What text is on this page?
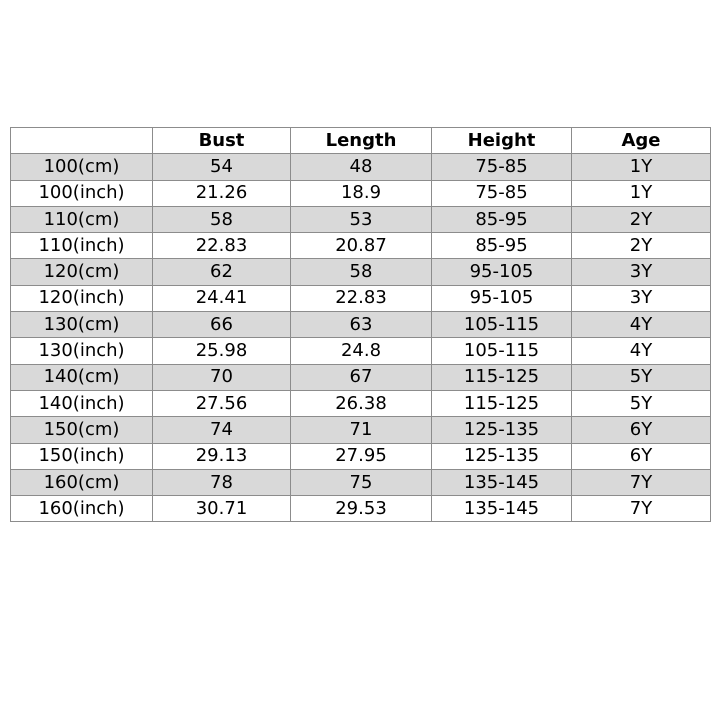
	Bust	Length	Height	Age
100(cm)	54	48	75-85	1Y
100(inch)	21.26	18.9	75-85	1Y
110(cm)	58	53	85-95	2Y
110(inch)	22.83	20.87	85-95	2Y
120(cm)	62	58	95-105	3Y
120(inch)	24.41	22.83	95-105	3Y
130(cm)	66	63	105-115	4Y
130(inch)	25.98	24.8	105-115	4Y
140(cm)	70	67	115-125	5Y
140(inch)	27.56	26.38	115-125	5Y
150(cm)	74	71	125-135	6Y
150(inch)	29.13	27.95	125-135	6Y
160(cm)	78	75	135-145	7Y
160(inch)	30.71	29.53	135-145	7Y
